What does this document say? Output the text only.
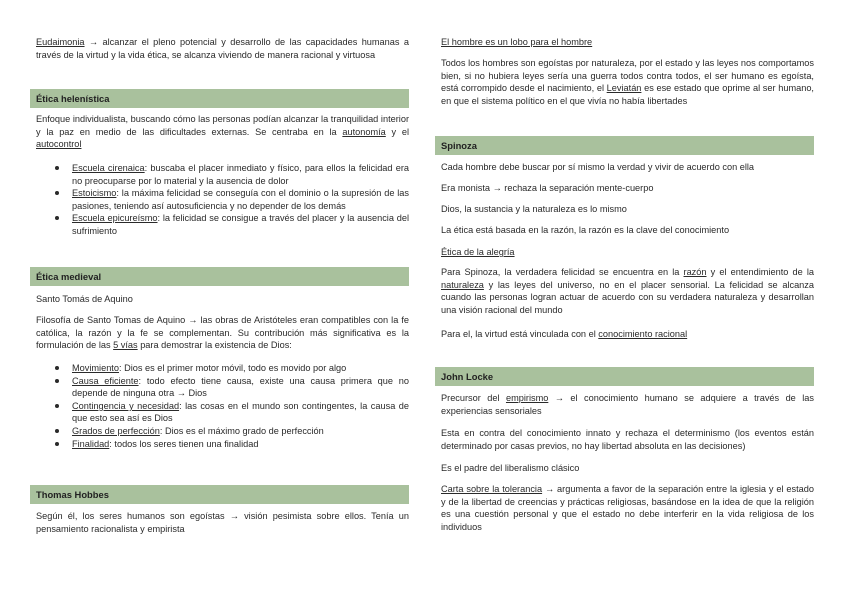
Eudaimonia → alcanzar el pleno potencial y desarrollo de las capacidades humanas a través de la virtud y la vida ética, se alcanza viviendo de manera racional y virtuosa

Ética helenística

Enfoque individualista, buscando cómo las personas podían alcanzar la tranquilidad interior y la paz en medio de las dificultades externas. Se centraba en la autonomía y el autocontrol

Escuela cirenaica: buscaba el placer inmediato y físico, para ellos la felicidad era no preocuparse por lo material y la ausencia de dolor
Estoicismo: la máxima felicidad se conseguía con el dominio o la supresión de las pasiones, teniendo así autosuficiencia y no depender de los demás
Escuela epicureísmo: la felicidad se consigue a través del placer y la ausencia del sufrimiento
Ética medieval

Santo Tomás de Aquino

Filosofía de Santo Tomas de Aquino → las obras de Aristóteles eran compatibles con la fe católica, la razón y la fe se complementan. Su contribución más significativa es la formulación de las 5 vías para demostrar la existencia de Dios:

Movimiento: Dios es el primer motor móvil, todo es movido por algo
Causa eficiente: todo efecto tiene causa, existe una causa primera que no depende de ninguna otra → Dios
Contingencia y necesidad: las cosas en el mundo son contingentes, la causa de que esto sea así es Dios
Grados de perfección: Dios es el máximo grado de perfección
Finalidad: todos los seres tienen una finalidad
Thomas Hobbes

Según él, los seres humanos son egoístas → visión pesimista sobre ellos. Tenía un pensamiento racionalista y empirista

El hombre es un lobo para el hombre

Todos los hombres son egoístas por naturaleza, por el estado y las leyes nos comportamos bien, si no hubiera leyes sería una guerra todos contra todos, el ser humano es egoísta, está corrompido desde el nacimiento, el Leviatán es ese estado que oprime al ser humano, en que el sistema político en el que vivía no había libertades

Spinoza

Cada hombre debe buscar por sí mismo la verdad y vivir de acuerdo con ella

Era monista → rechaza la separación mente-cuerpo

Dios, la sustancia y la naturaleza es lo mismo

La ética está basada en la razón, la razón es la clave del conocimiento

Ética de la alegría

Para Spinoza, la verdadera felicidad se encuentra en la razón y el entendimiento de la naturaleza y las leyes del universo, no en el placer sensorial. La felicidad se alcanza cuando las personas logran actuar de acuerdo con su verdadera naturaleza y desarrollan una visión racional del mundo

Para el, la virtud está vinculada con el conocimiento racional

John Locke

Precursor del empirismo → el conocimiento humano se adquiere a través de las experiencias sensoriales

Esta en contra del conocimiento innato y rechaza el determinismo (los eventos están determinado por casas previos, no hay libertad absoluta en las decisiones)

Es el padre del liberalismo clásico

Carta sobre la tolerancia → argumenta a favor de la separación entre la iglesia y el estado y de la libertad de creencias y prácticas religiosas, basándose en la idea de que la religión es una cuestión personal y que el estado no debe interferir en la vida religiosa de los individuos
